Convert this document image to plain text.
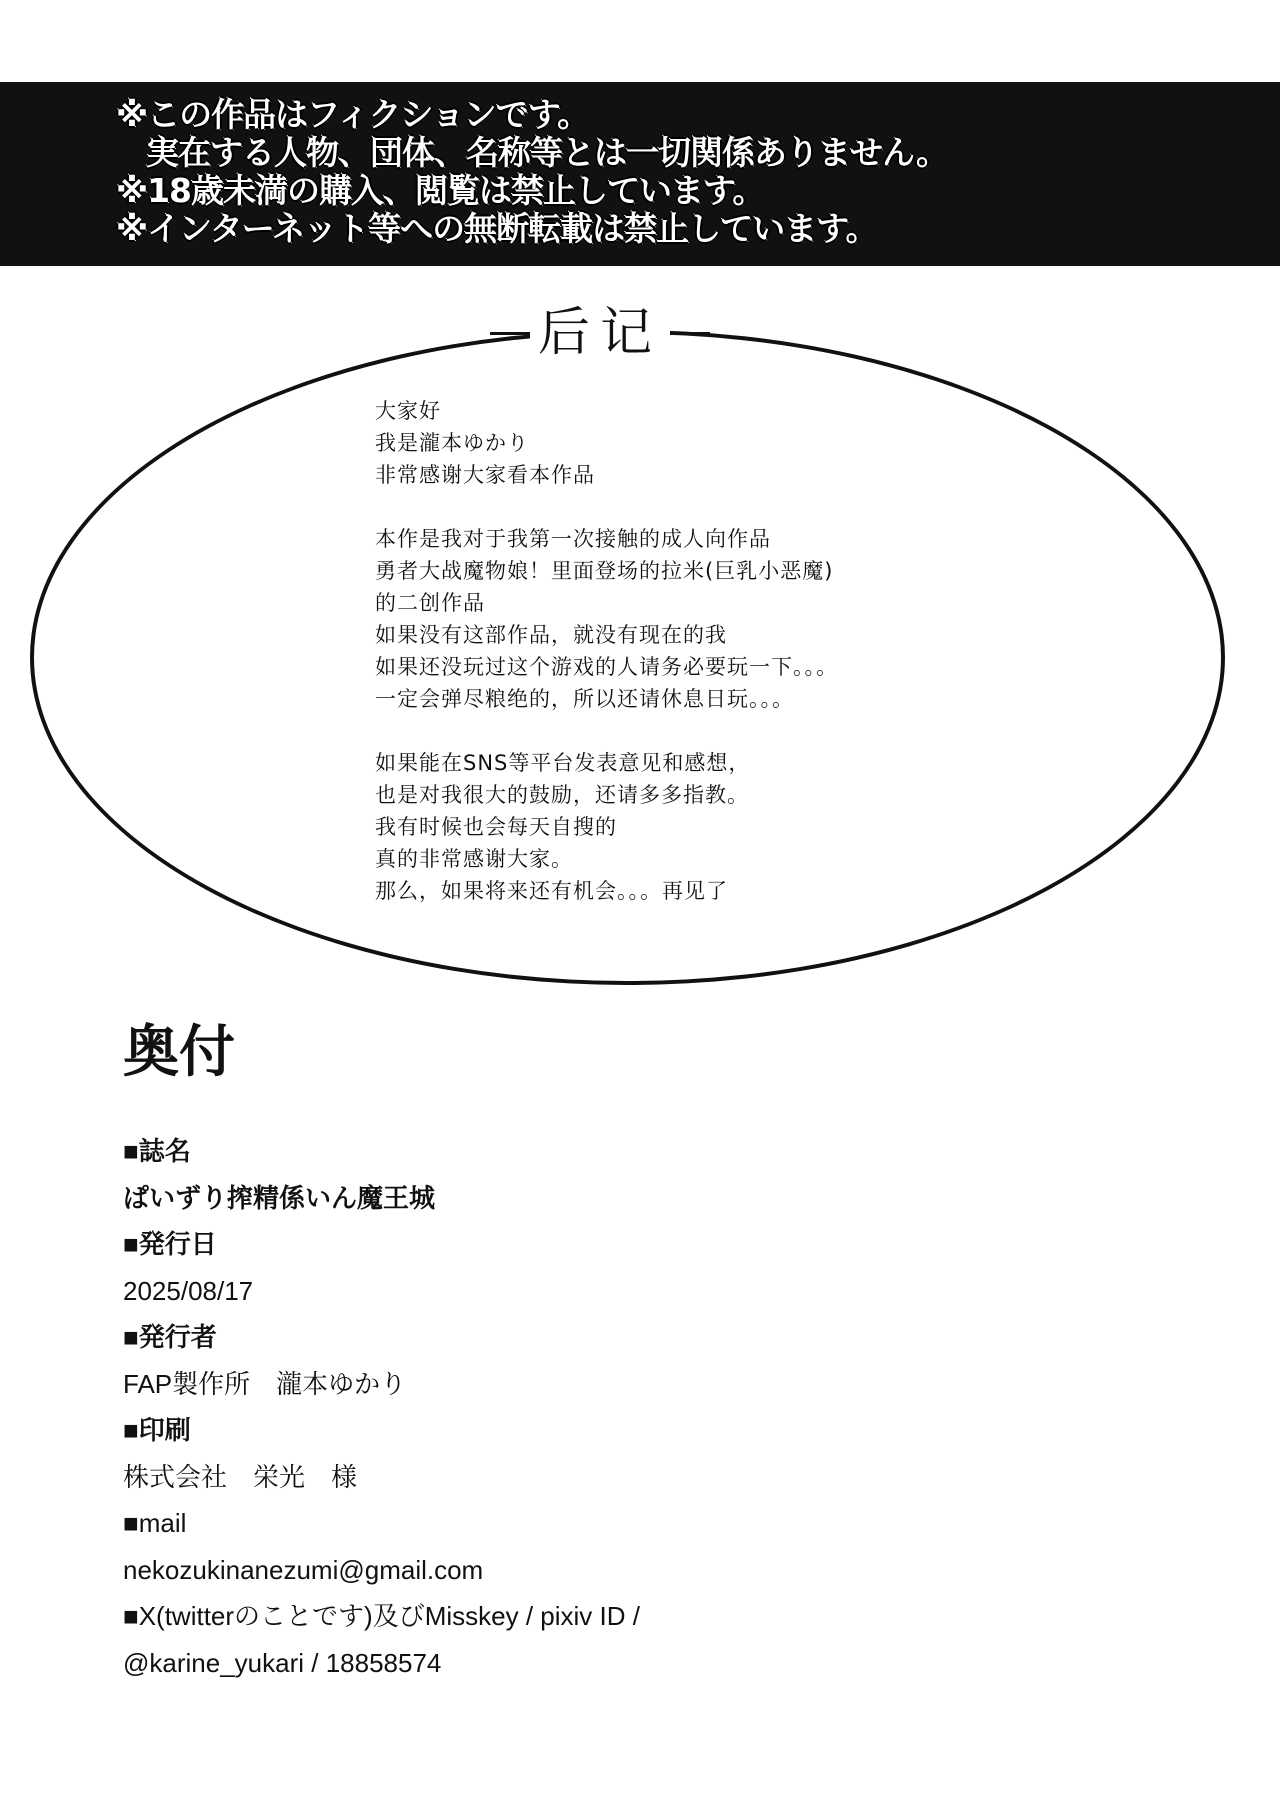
※この作品はフィクションです。
実在する人物、団体、名称等とは一切関係ありません。
※18歳未満の購入、閲覧は禁止しています。
※インターネット等への無断転載は禁止しています。
后记
大家好
我是瀧本ゆかり
非常感谢大家看本作品
本作是我对于我第一次接触的成人向作品
勇者大战魔物娘！里面登场的拉米(巨乳小恶魔)
的二创作品
如果没有这部作品，就没有现在的我
如果还没玩过这个游戏的人请务必要玩一下。。。
一定会弹尽粮绝的，所以还请休息日玩。。。
如果能在SNS等平台发表意见和感想，
也是对我很大的鼓励，还请多多指教。
我有时候也会每天自搜的
真的非常感谢大家。
那么，如果将来还有机会。。。再见了
奥付
■誌名
ぱいずり搾精係いん魔王城
■発行日
2025/08/17
■発行者
FAP製作所　瀧本ゆかり
■印刷
株式会社　栄光　様
■mail
nekozukinanezumi@gmail.com
■X(twitterのことです)及びMisskey / pixiv ID /
@karine_yukari / 18858574
